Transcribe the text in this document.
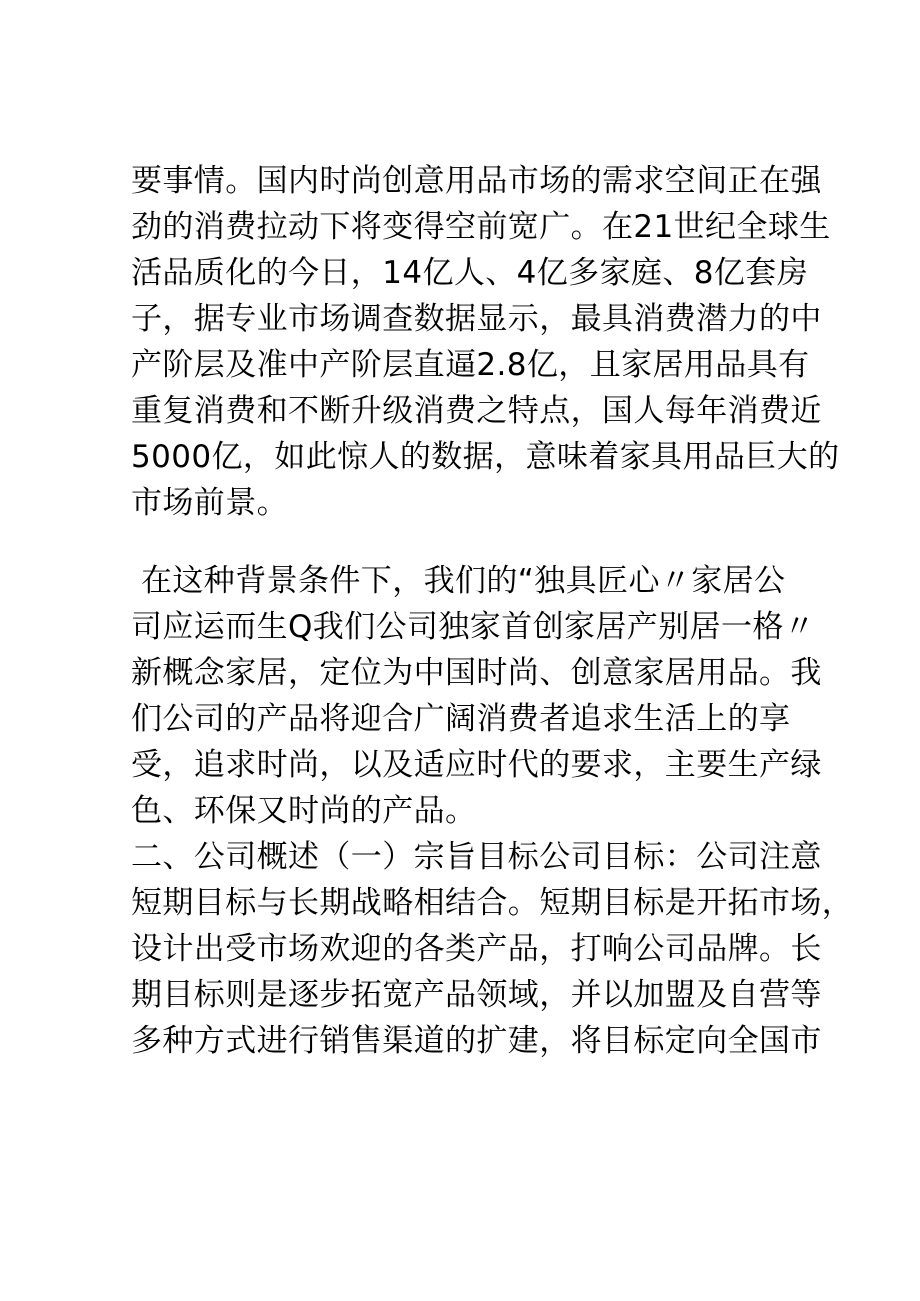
要事情。国内时尚创意用品市场的需求空间正在强
劲的消费拉动下将变得空前宽广。在21世纪全球生
活品质化的今日，14亿人、4亿多家庭、8亿套房
子，据专业市场调查数据显示，最具消费潜力的中
产阶层及准中产阶层直逼2.8亿，且家居用品具有
重复消费和不断升级消费之特点，国人每年消费近
5000亿，如此惊人的数据，意味着家具用品巨大的
市场前景。
在这种背景条件下，我们的“独具匠心〃家居公
司应运而生Q我们公司独家首创家居产别居一格〃
新概念家居，定位为中国时尚、创意家居用品。我
们公司的产品将迎合广阔消费者追求生活上的享
受，追求时尚，以及适应时代的要求，主要生产绿
色、环保又时尚的产品。
二、公司概述（一）宗旨目标公司目标：公司注意
短期目标与长期战略相结合。短期目标是开拓市场，
设计出受市场欢迎的各类产品，打响公司品牌。长
期目标则是逐步拓宽产品领域，并以加盟及自营等
多种方式进行销售渠道的扩建，将目标定向全国市
